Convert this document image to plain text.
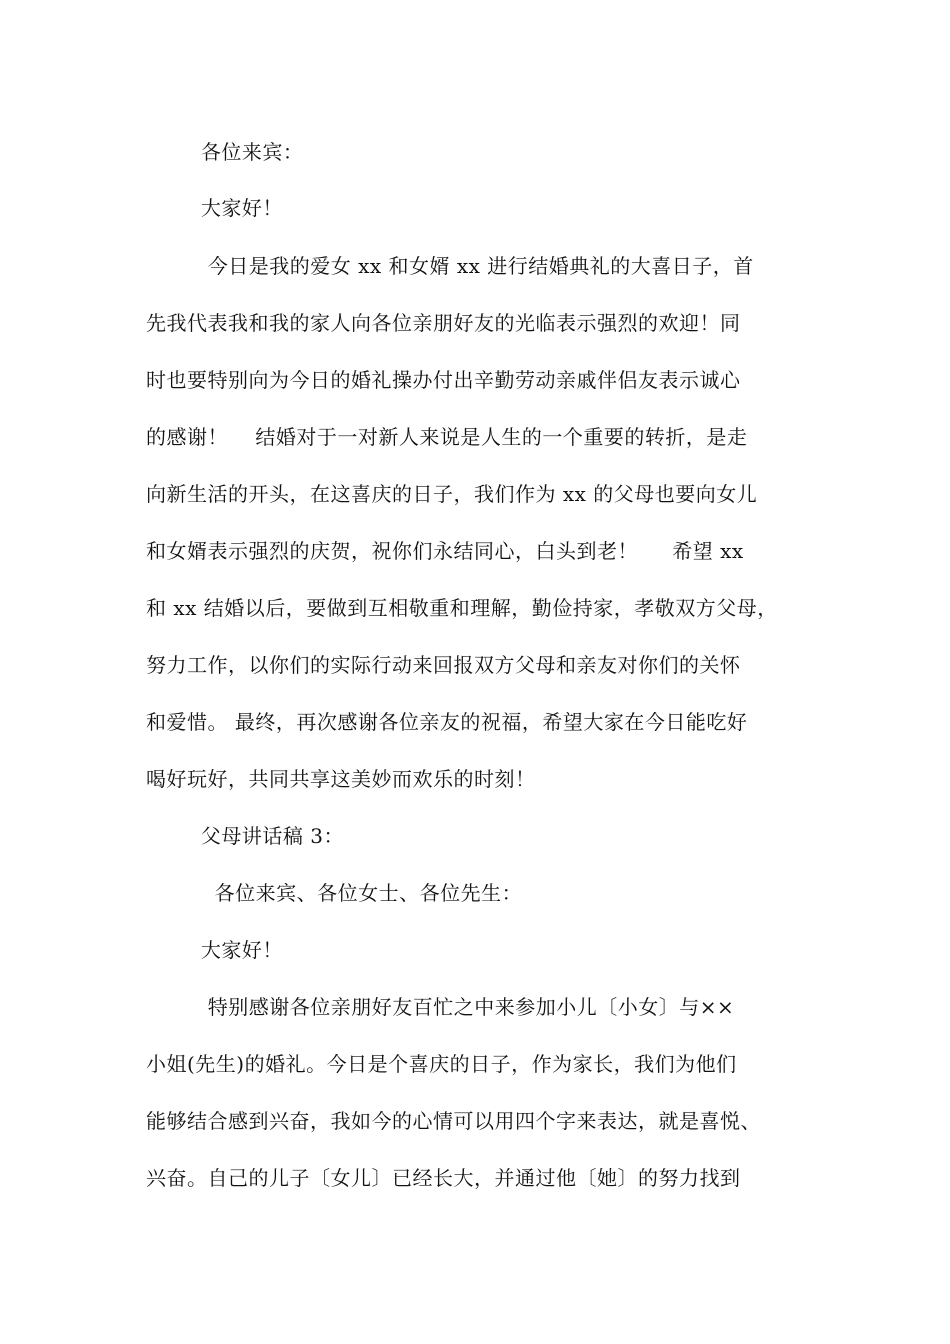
各位来宾：
大家好！
今日是我的爱女 xx 和女婿 xx 进行结婚典礼的大喜日子，首
先我代表我和我的家人向各位亲朋好友的光临表示强烈的欢迎！同
时也要特别向为今日的婚礼操办付出辛勤劳动亲戚伴侣友表示诚心
的感谢！    结婚对于一对新人来说是人生的一个重要的转折，是走
向新生活的开头，在这喜庆的日子，我们作为 xx 的父母也要向女儿
和女婿表示强烈的庆贺，祝你们永结同心，白头到老！     希望 xx
和 xx 结婚以后，要做到互相敬重和理解，勤俭持家，孝敬双方父母，
努力工作，以你们的实际行动来回报双方父母和亲友对你们的关怀
和爱惜。 最终，再次感谢各位亲友的祝福，希望大家在今日能吃好
喝好玩好，共同共享这美妙而欢乐的时刻！
父母讲话稿 3：
各位来宾、各位女士、各位先生：
大家好！
特别感谢各位亲朋好友百忙之中来参加小儿〔小女〕与××
小姐(先生)的婚礼。今日是个喜庆的日子，作为家长，我们为他们
能够结合感到兴奋，我如今的心情可以用四个字来表达，就是喜悦、
兴奋。自己的儿子〔女儿〕已经长大，并通过他〔她〕的努力找到
